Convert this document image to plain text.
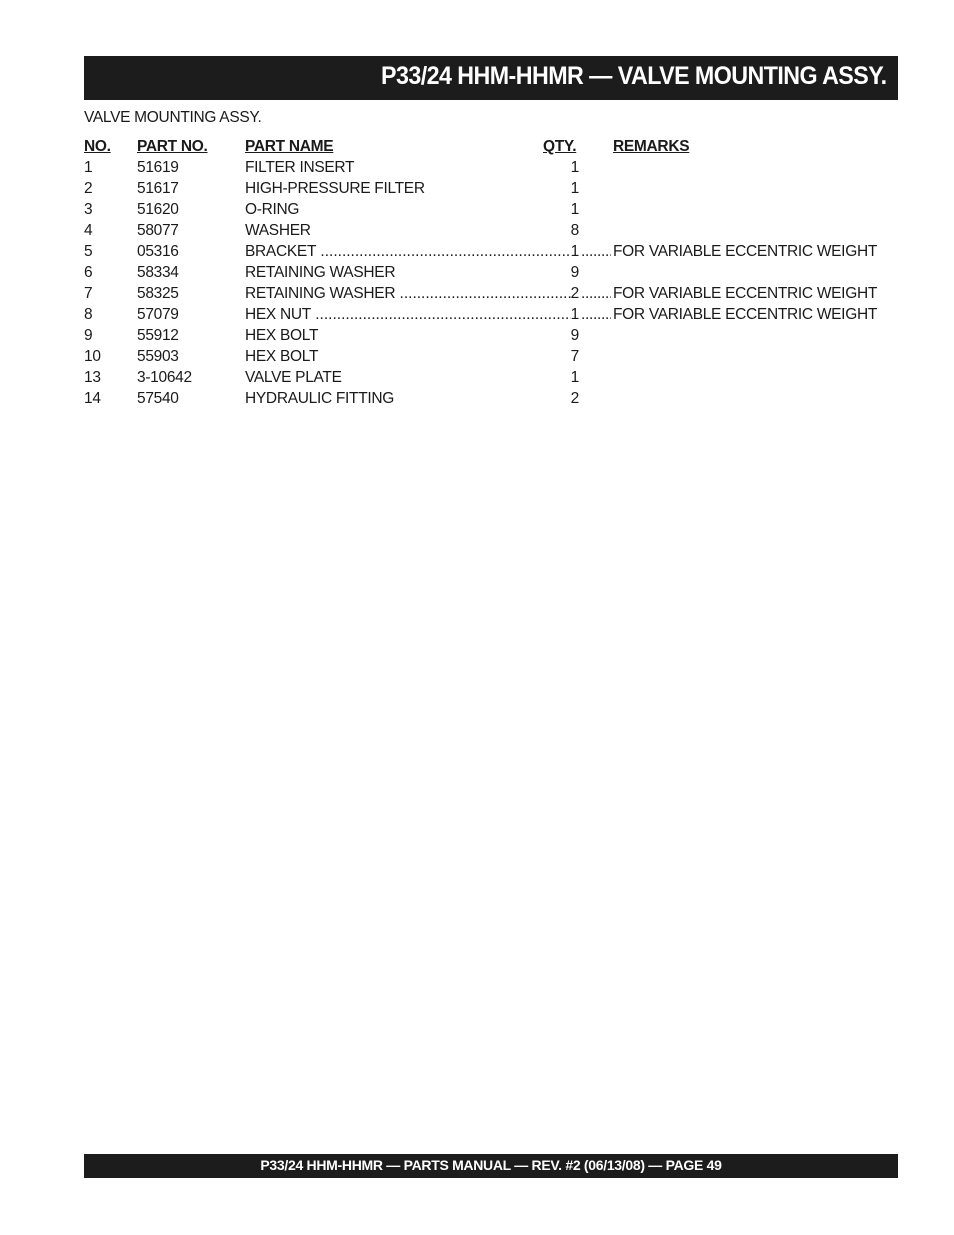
P33/24 HHM-HHMR — VALVE MOUNTING ASSY.
VALVE MOUNTING ASSY.
NO. PART NO. PART NAME	QTY. REMARKS
1	51619	FILTER INSERT	1
2	51617	HIGH-PRESSURE FILTER	1
3	51620	O-RING	1
4	58077	WASHER	8
5	05316	BRACKET .....	1 ..... FOR VARIABLE ECCENTRIC WEIGHT
6	58334	RETAINING WASHER	9
7	58325	RETAINING WASHER .....	2 ..... FOR VARIABLE ECCENTRIC WEIGHT
8	57079	HEX NUT .....	1 ..... FOR VARIABLE ECCENTRIC WEIGHT
9	55912	HEX BOLT	9
10 55903	HEX BOLT	7
13 3-10642	VALVE PLATE	1
14 57540	HYDRAULIC FITTING	2
P33/24 HHM-HHMR — PARTS MANUAL — REV. #2 (06/13/08) — PAGE 49
